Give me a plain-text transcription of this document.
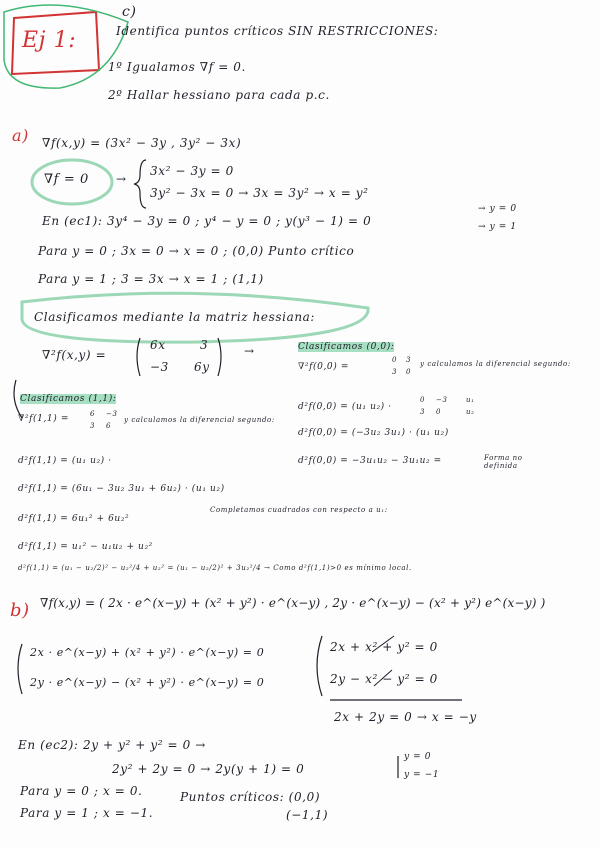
Ej 1:
c)
Identifica puntos críticos SIN RESTRICCIONES:
1º Igualamos ∇f = 0.
2º Hallar hessiano para cada p.c.
a) ∇f(x,y) = (3x² − 3y , 3y² − 3x)
∇f = 0 →
3x² − 3y = 0
3y² − 3x = 0 → 3x = 3y² → x = y²
En (ec1): 3y⁴ − 3y = 0 ; y⁴ − y = 0 ; y(y³ − 1) = 0
→ y = 0
→ y = 1
Para y = 0 ; 3x = 0 → x = 0 ; (0,0) Punto crítico
Para y = 1 ; 3 = 3x → x = 1 ; (1,1)
Clasificamos mediante la matriz hessiana:
∇²f(x,y) =
6x	3
−3 6y
→	Clasificamos (0,0):
∇²f(0,0) =
0 3
3 0
y calculamos la diferencial segundo:
d²f(0,0) = (u₁ u₂) ·
0 −3
3 0
u₁
u₂
d²f(0,0) = (−3u₂ 3u₁) · (u₁ u₂)
d²f(0,0) = −3u₁u₂ − 3u₁u₂ =	Forma no definida
Clasificamos (1,1):
∇²f(1,1) =	6 −3
3 6
y calculamos la diferencial segundo:
d²f(1,1) = (u₁ u₂) ·
d²f(1,1) = (6u₁ − 3u₂ 3u₁ + 6u₂) · (u₁ u₂)
d²f(1,1) = 6u₁² + 6u₂²
Completamos cuadrados con respecto a u₁:
d²f(1,1) = u₁² − u₁u₂ + u₂²
d²f(1,1) = (u₁ − u₂/2)² − u₂²/4 + u₂² = (u₁ − u₂/2)² + 3u₂²/4 → Como d²f(1,1)>0 es mínimo local.
b) ∇f(x,y) = ( 2x · e^(x−y) + (x² + y²) · e^(x−y) , 2y · e^(x−y) − (x² + y²) e^(x−y) )
2x · e^(x−y) + (x² + y²) · e^(x−y) = 0
2y · e^(x−y) − (x² + y²) · e^(x−y) = 0
2x + x² + y² = 0
2y − x² − y² = 0
2x + 2y = 0 → x = −y
En (ec2): 2y + y² + y² = 0 →
2y² + 2y = 0 → 2y(y + 1) = 0
y = 0
y = −1
Para y = 0 ; x = 0.
Para y = 1 ; x = −1.
Puntos críticos: (0,0)
(−1,1)
